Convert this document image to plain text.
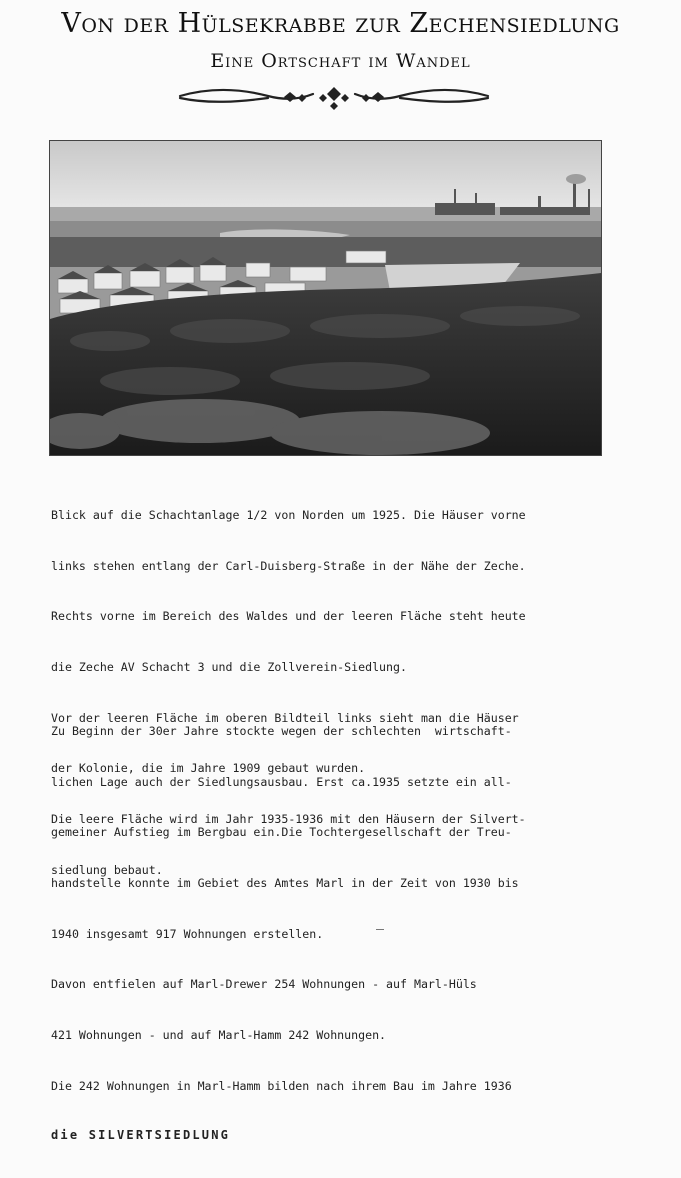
Von der Hülsekrabbe zur Zechensiedlung
Eine Ortschaft im Wandel

Blick auf die Schachtanlage 1/2 von Norden um 1925. Die Häuser vorne

links stehen entlang der Carl-Duisberg-Straße in der Nähe der Zeche.

Rechts vorne im Bereich des Waldes und der leeren Fläche steht heute

die Zeche AV Schacht 3 und die Zollverein-Siedlung.

Vor der leeren Fläche im oberen Bildteil links sieht man die Häuser

der Kolonie, die im Jahre 1909 gebaut wurden.

Die leere Fläche wird im Jahr 1935-1936 mit den Häusern der Silvert-

siedlung bebaut.

Zu Beginn der 30er Jahre stockte wegen der schlechten  wirtschaft-

lichen Lage auch der Siedlungsausbau. Erst ca.1935 setzte ein all-

gemeiner Aufstieg im Bergbau ein.Die Tochtergesellschaft der Treu-

handstelle konnte im Gebiet des Amtes Marl in der Zeit von 1930 bis

1940 insgesamt 917 Wohnungen erstellen.

Davon entfielen auf Marl-Drewer 254 Wohnungen - auf Marl-Hüls

421 Wohnungen - und auf Marl-Hamm 242 Wohnungen.

Die 242 Wohnungen in Marl-Hamm bilden nach ihrem Bau im Jahre 1936

die SILVERTSIEDLUNG
